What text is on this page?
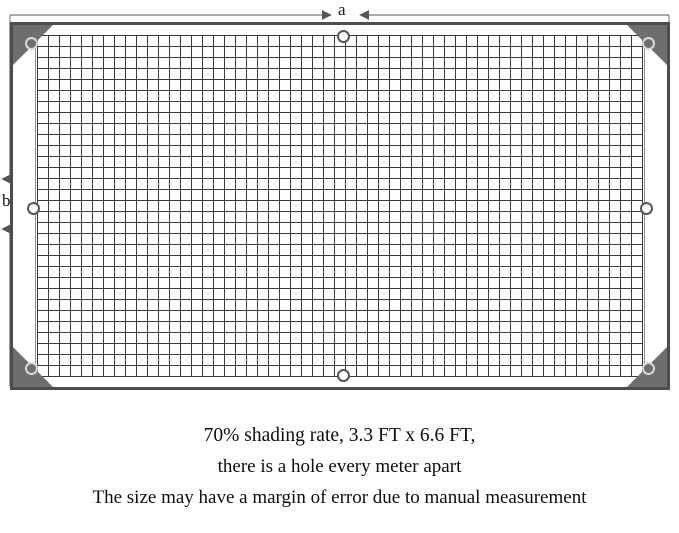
a
b
70% shading rate, 3.3 FT x 6.6 FT,
there is a hole every meter apart
The size may have a margin of error due to manual measurement
